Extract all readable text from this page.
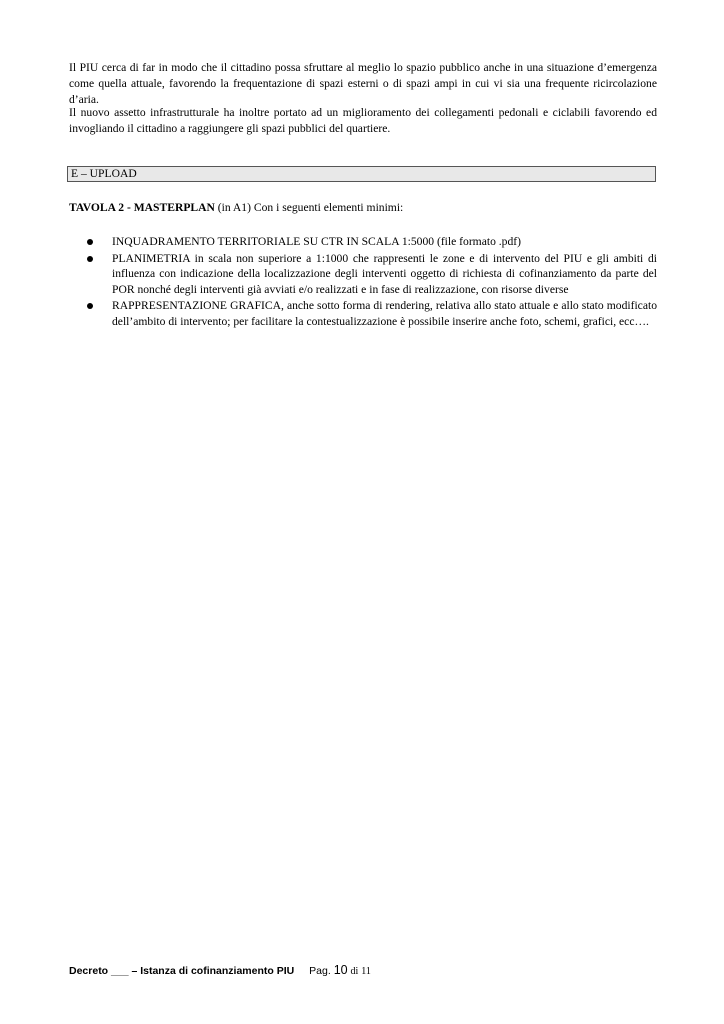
Il PIU cerca di far in modo che il cittadino possa sfruttare al meglio lo spazio pubblico anche in una situazione d’emergenza come quella attuale, favorendo la frequentazione di spazi esterni o di spazi ampi in cui vi sia una frequente ricircolazione d’aria.

Il nuovo assetto infrastrutturale ha inoltre portato ad un miglioramento dei collegamenti pedonali e ciclabili favorendo ed invogliando il cittadino a raggiungere gli spazi pubblici del quartiere.

E – UPLOAD

TAVOLA 2 - MASTERPLAN (in A1) Con i seguenti elementi minimi:

INQUADRAMENTO TERRITORIALE SU CTR IN SCALA 1:5000 (file formato .pdf)
PLANIMETRIA in scala non superiore a 1:1000 che rappresenti le zone e di intervento del PIU e gli ambiti di influenza con indicazione della localizzazione degli interventi oggetto di richiesta di cofinanziamento da parte del POR nonché degli interventi già avviati e/o realizzati e in fase di realizzazione, con risorse diverse
RAPPRESENTAZIONE GRAFICA, anche sotto forma di rendering, relativa allo stato attuale e allo stato modificato dell’ambito di intervento; per facilitare la contestualizzazione è possibile inserire anche foto, schemi, grafici, ecc….
Decreto ___ – Istanza di cofinanziamento PIU Pag. 10 di 11
